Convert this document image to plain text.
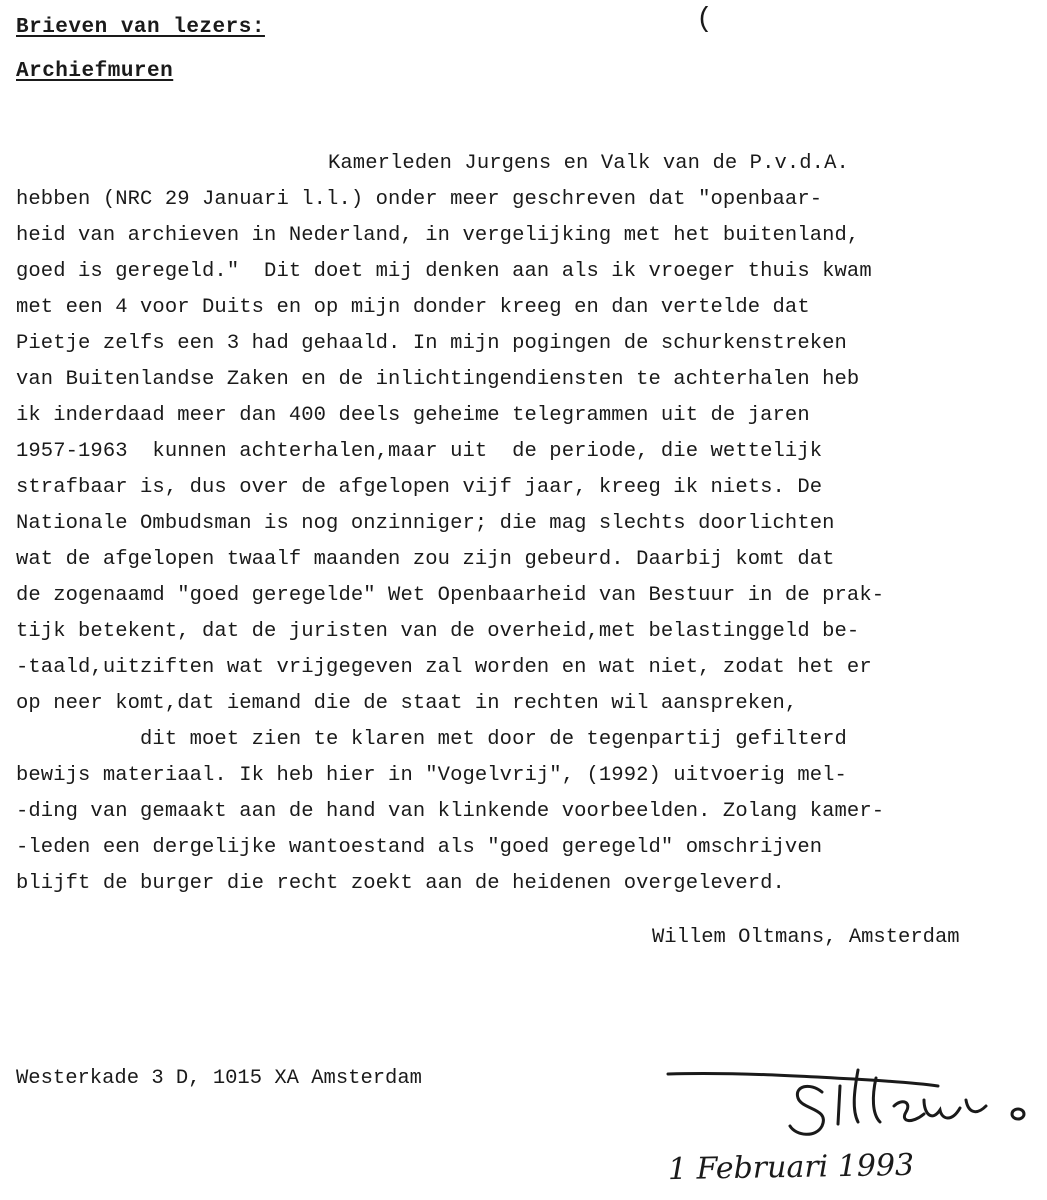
Brieven van lezers:
Archiefmuren
(
Kamerleden Jurgens en Valk van de P.v.d.A.
hebben (NRC 29 Januari l.l.) onder meer geschreven dat "openbaar-
heid van archieven in Nederland, in vergelijking met het buitenland,
goed is geregeld."  Dit doet mij denken aan als ik vroeger thuis kwam
met een 4 voor Duits en op mijn donder kreeg en dan vertelde dat
Pietje zelfs een 3 had gehaald. In mijn pogingen de schurkenstreken
van Buitenlandse Zaken en de inlichtingendiensten te achterhalen heb
ik inderdaad meer dan 400 deels geheime telegrammen uit de jaren
1957-1963  kunnen achterhalen,maar uit  de periode, die wettelijk
strafbaar is, dus over de afgelopen vijf jaar, kreeg ik niets. De
Nationale Ombudsman is nog onzinniger; die mag slechts doorlichten
wat de afgelopen twaalf maanden zou zijn gebeurd. Daarbij komt dat
de zogenaamd "goed geregelde" Wet Openbaarheid van Bestuur in de prak-
tijk betekent, dat de juristen van de overheid,met belastinggeld be-
-taald,uitziften wat vrijgegeven zal worden en wat niet, zodat het er
op neer komt,dat iemand die de staat in rechten wil aanspreken,
dit moet zien te klaren met door de tegenpartij gefilterd
bewijs materiaal. Ik heb hier in "Vogelvrij", (1992) uitvoerig mel-
-ding van gemaakt aan de hand van klinkende voorbeelden. Zolang kamer-
-leden een dergelijke wantoestand als "goed geregeld" omschrijven
blijft de burger die recht zoekt aan de heidenen overgeleverd.
Willem Oltmans, Amsterdam
Westerkade 3 D, 1015 XA Amsterdam
1 Februari 1993
